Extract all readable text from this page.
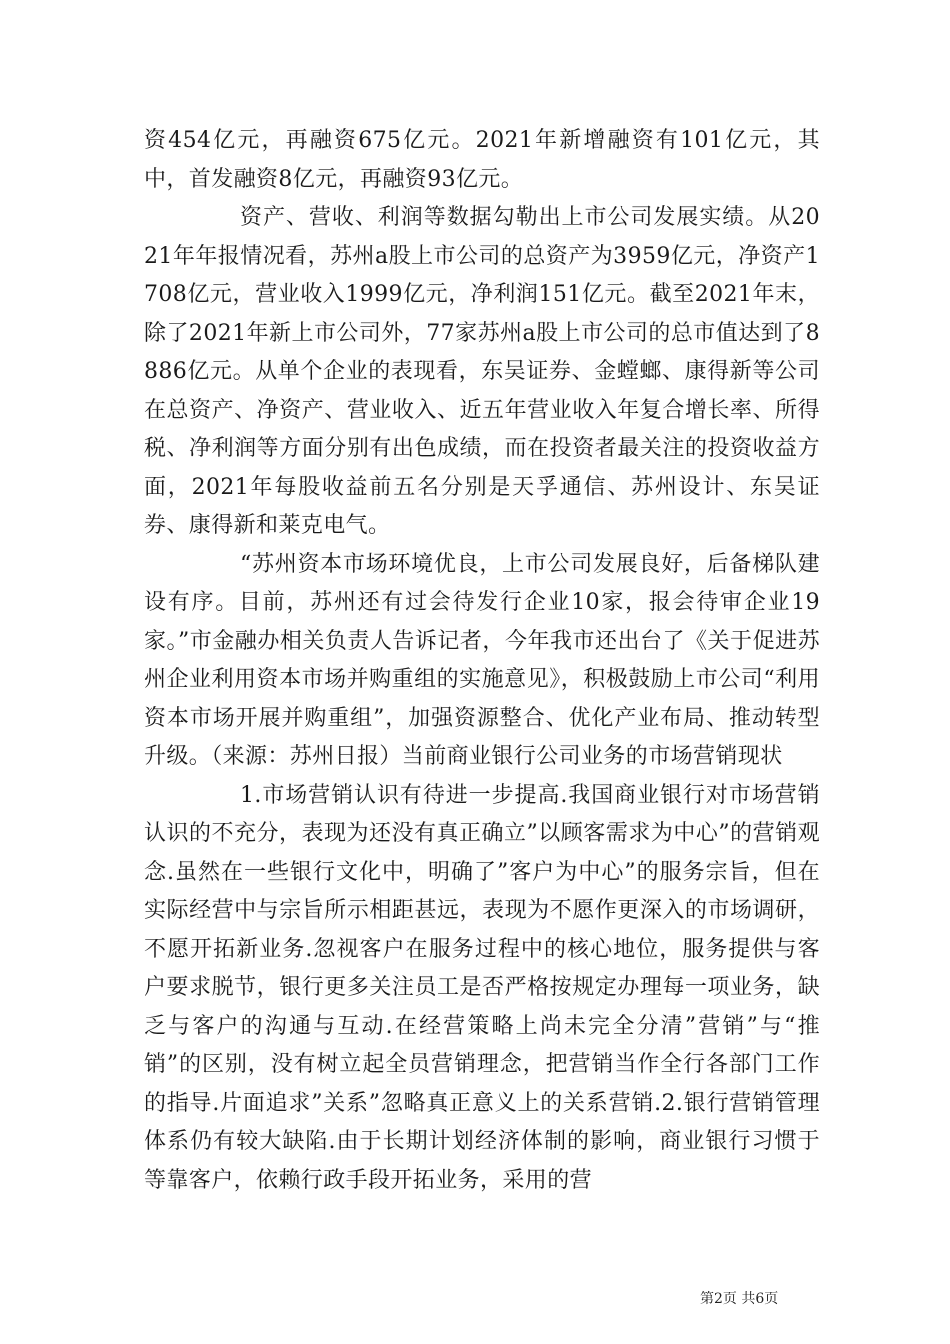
资454亿元，再融资675亿元。2021年新增融资有101亿元，其中，首发融资8亿元，再融资93亿元。

资产、营收、利润等数据勾勒出上市公司发展实绩。从2021年年报情况看，苏州a股上市公司的总资产为3959亿元，净资产1708亿元，营业收入1999亿元，净利润151亿元。截至2021年末，除了2021年新上市公司外，77家苏州a股上市公司的总市值达到了8886亿元。从单个企业的表现看，东吴证券、金螳螂、康得新等公司在总资产、净资产、营业收入、近五年营业收入年复合增长率、所得税、净利润等方面分别有出色成绩，而在投资者最关注的投资收益方面，2021年每股收益前五名分别是天孚通信、苏州设计、东吴证券、康得新和莱克电气。

“苏州资本市场环境优良，上市公司发展良好，后备梯队建设有序。目前，苏州还有过会待发行企业10家，报会待审企业19家。”市金融办相关负责人告诉记者，今年我市还出台了《关于促进苏州企业利用资本市场并购重组的实施意见》，积极鼓励上市公司“利用资本市场开展并购重组”，加强资源整合、优化产业布局、推动转型升级。（来源：苏州日报）当前商业银行公司业务的市场营销现状

1.市场营销认识有待进一步提高.我国商业银行对市场营销认识的不充分，表现为还没有真正确立”以顾客需求为中心”的营销观念.虽然在一些银行文化中，明确了”客户为中心”的服务宗旨，但在实际经营中与宗旨所示相距甚远，表现为不愿作更深入的市场调研，不愿开拓新业务.忽视客户在服务过程中的核心地位，服务提供与客户要求脱节，银行更多关注员工是否严格按规定办理每一项业务，缺乏与客户的沟通与互动.在经营策略上尚未完全分清”营销”与“推销”的区别，没有树立起全员营销理念，把营销当作全行各部门工作的指导.片面追求”关系”忽略真正意义上的关系营销.2.银行营销管理体系仍有较大缺陷.由于长期计划经济体制的影响，商业银行习惯于等靠客户，依赖行政手段开拓业务，采用的营

第2页 共6页
